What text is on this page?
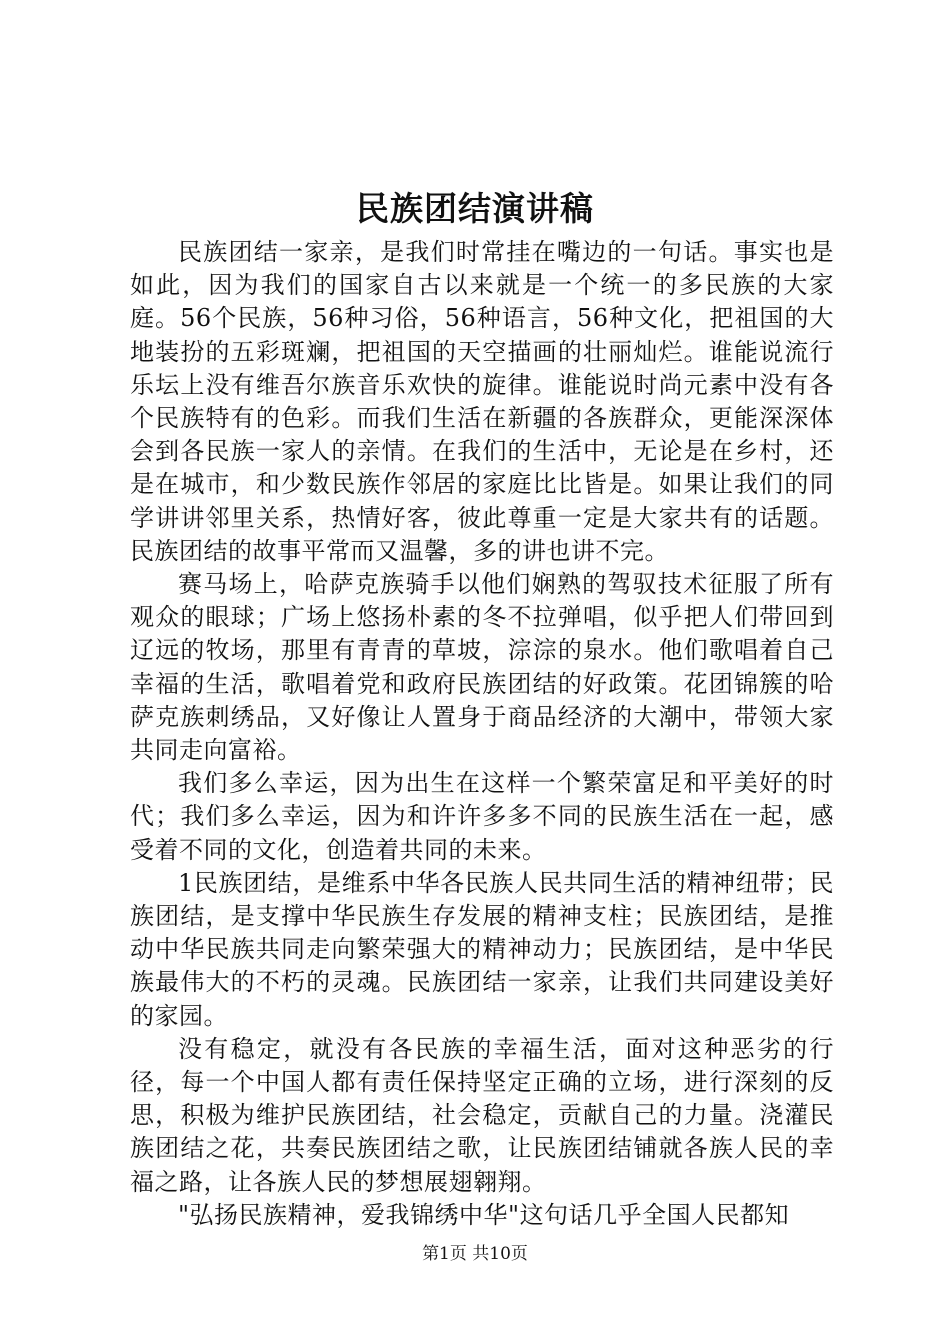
民族团结演讲稿

民族团结一家亲，是我们时常挂在嘴边的一句话。事实也是如此，因为我们的国家自古以来就是一个统一的多民族的大家庭。56个民族，56种习俗，56种语言，56种文化，把祖国的大地装扮的五彩斑斓，把祖国的天空描画的壮丽灿烂。谁能说流行乐坛上没有维吾尔族音乐欢快的旋律。谁能说时尚元素中没有各个民族特有的色彩。而我们生活在新疆的各族群众，更能深深体会到各民族一家人的亲情。在我们的生活中，无论是在乡村，还是在城市，和少数民族作邻居的家庭比比皆是。如果让我们的同学讲讲邻里关系，热情好客，彼此尊重一定是大家共有的话题。民族团结的故事平常而又温馨，多的讲也讲不完。

赛马场上，哈萨克族骑手以他们娴熟的驾驭技术征服了所有观众的眼球；广场上悠扬朴素的冬不拉弹唱，似乎把人们带回到辽远的牧场，那里有青青的草坡，淙淙的泉水。他们歌唱着自己幸福的生活，歌唱着党和政府民族团结的好政策。花团锦簇的哈萨克族刺绣品，又好像让人置身于商品经济的大潮中，带领大家共同走向富裕。

我们多么幸运，因为出生在这样一个繁荣富足和平美好的时代；我们多么幸运，因为和许许多多不同的民族生活在一起，感受着不同的文化，创造着共同的未来。

1民族团结，是维系中华各民族人民共同生活的精神纽带；民族团结，是支撑中华民族生存发展的精神支柱；民族团结，是推动中华民族共同走向繁荣强大的精神动力；民族团结，是中华民族最伟大的不朽的灵魂。民族团结一家亲，让我们共同建设美好的家园。

没有稳定，就没有各民族的幸福生活，面对这种恶劣的行径，每一个中国人都有责任保持坚定正确的立场，进行深刻的反思，积极为维护民族团结，社会稳定，贡献自己的力量。浇灌民族团结之花，共奏民族团结之歌，让民族团结铺就各族人民的幸福之路，让各族人民的梦想展翅翱翔。

"弘扬民族精神，爱我锦绣中华"这句话几乎全国人民都知

第1页 共10页
